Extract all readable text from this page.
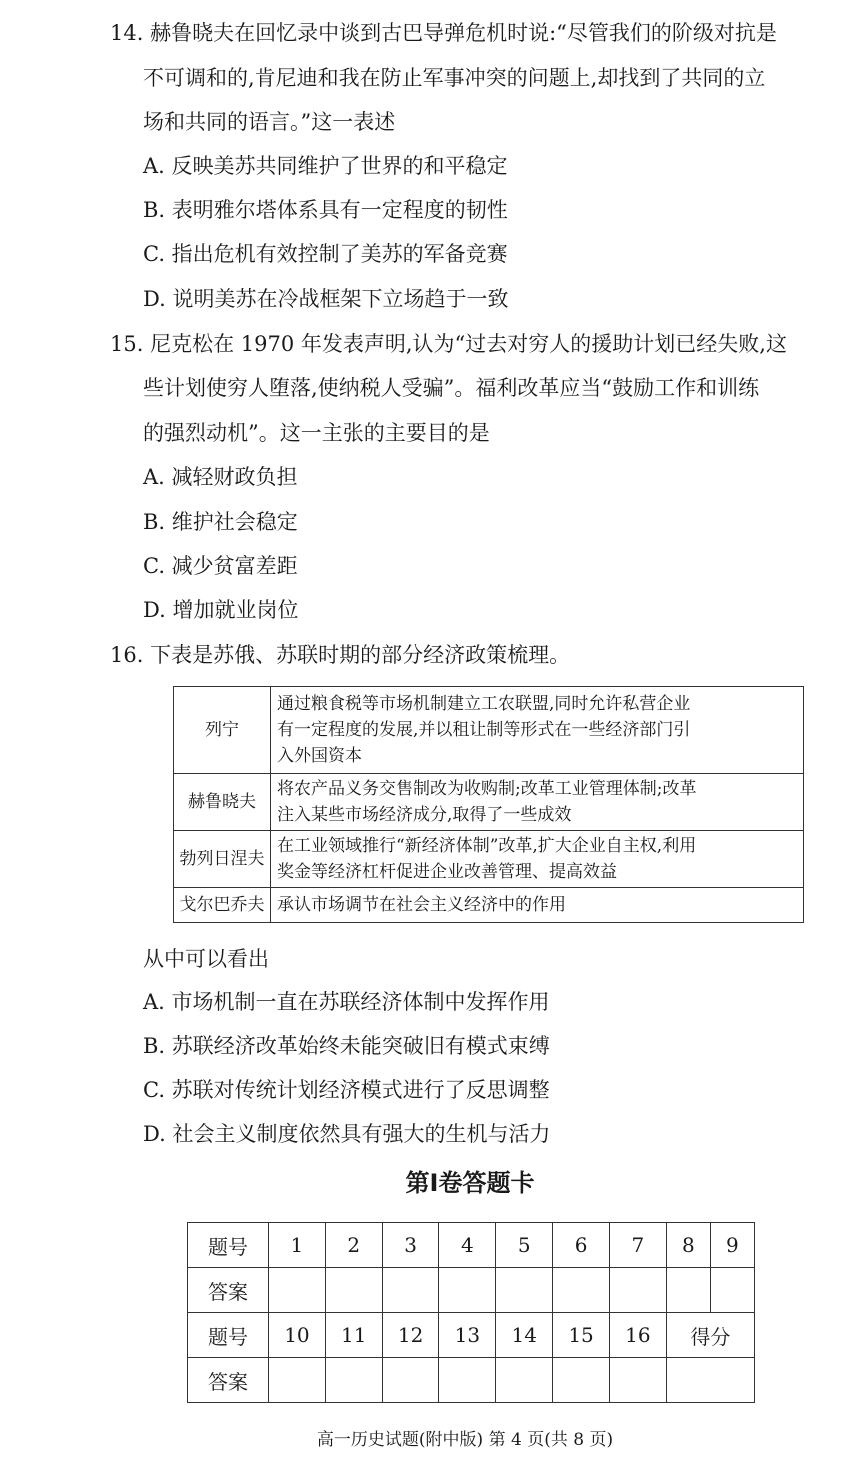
14. 赫鲁晓夫在回忆录中谈到古巴导弹危机时说:“尽管我们的阶级对抗是
不可调和的,肯尼迪和我在防止军事冲突的问题上,却找到了共同的立
场和共同的语言。”这一表述
A. 反映美苏共同维护了世界的和平稳定
B. 表明雅尔塔体系具有一定程度的韧性
C. 指出危机有效控制了美苏的军备竞赛
D. 说明美苏在冷战框架下立场趋于一致
15. 尼克松在 1970 年发表声明,认为“过去对穷人的援助计划已经失败,这
些计划使穷人堕落,使纳税人受骗”。福利改革应当“鼓励工作和训练
的强烈动机”。这一主张的主要目的是
A. 减轻财政负担
B. 维护社会稳定
C. 减少贫富差距
D. 增加就业岗位
16. 下表是苏俄、苏联时期的部分经济政策梳理。
列宁	通过粮食税等市场机制建立工农联盟,同时允许私营企业
有一定程度的发展,并以租让制等形式在一些经济部门引
入外国资本

赫鲁晓夫	将农产品义务交售制改为收购制;改革工业管理体制;改革
注入某些市场经济成分,取得了一些成效

勃列日涅夫	在工业领域推行“新经济体制”改革,扩大企业自主权,利用
奖金等经济杠杆促进企业改善管理、提高效益

戈尔巴乔夫	承认市场调节在社会主义经济中的作用
从中可以看出
A. 市场机制一直在苏联经济体制中发挥作用
B. 苏联经济改革始终未能突破旧有模式束缚
C. 苏联对传统计划经济模式进行了反思调整
D. 社会主义制度依然具有强大的生机与活力
第Ⅰ卷答题卡
题号	1	2	3	4	5	6	7	8	9
答案									
题号	10	11	12	13	14	15	16	得分	
答案									
高一历史试题(附中版) 第 4 页(共 8 页)
